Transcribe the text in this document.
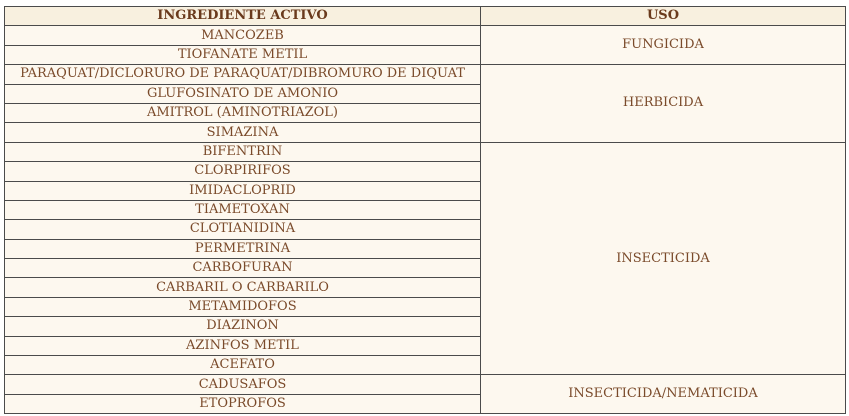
INGREDIENTE ACTIVO	USO
MANCOZEB	FUNGICIDA
TIOFANATE METIL	
PARAQUAT/DICLORURO DE PARAQUAT/DIBROMURO DE DIQUAT	HERBICIDA
GLUFOSINATO DE AMONIO	
AMITROL (AMINOTRIAZOL)	
SIMAZINA	
BIFENTRIN	INSECTICIDA
CLORPIRIFOS	
IMIDACLOPRID	
TIAMETOXAN	
CLOTIANIDINA	
PERMETRINA	
CARBOFURAN	
CARBARIL O CARBARILO	
METAMIDOFOS	
DIAZINON	
AZINFOS METIL	
ACEFATO	
CADUSAFOS	INSECTICIDA/NEMATICIDA
ETOPROFOS	
